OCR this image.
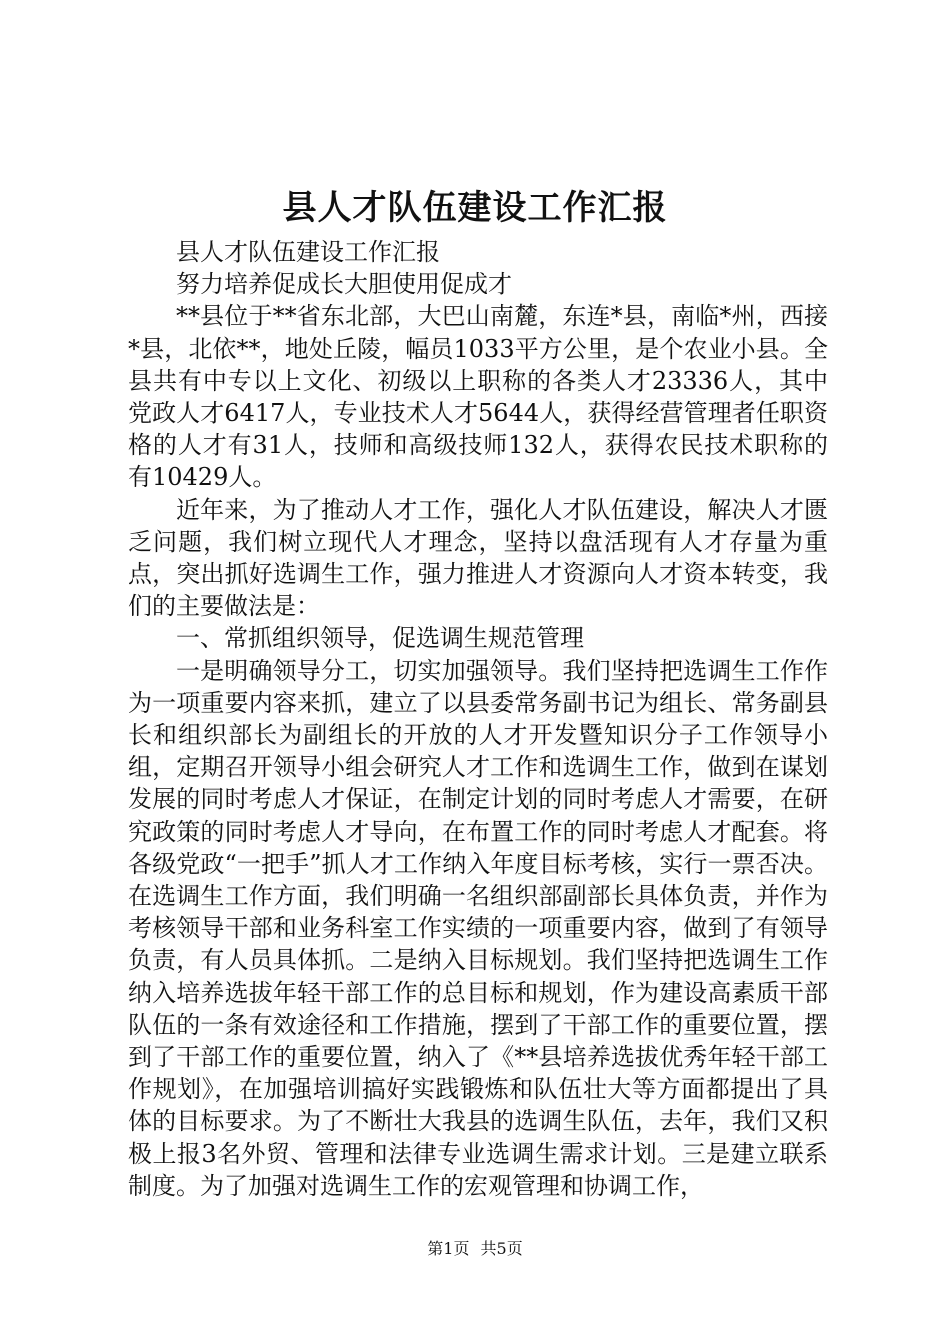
县人才队伍建设工作汇报

县人才队伍建设工作汇报

努力培养促成长大胆使用促成才

**县位于**省东北部，大巴山南麓，东连*县，南临*州，西接*县，北依**，地处丘陵，幅员1033平方公里，是个农业小县。全县共有中专以上文化、初级以上职称的各类人才23336人，其中党政人才6417人，专业技术人才5644人，获得经营管理者任职资格的人才有31人，技师和高级技师132人，获得农民技术职称的有10429人。

近年来，为了推动人才工作，强化人才队伍建设，解决人才匮乏问题，我们树立现代人才理念，坚持以盘活现有人才存量为重点，突出抓好选调生工作，强力推进人才资源向人才资本转变，我们的主要做法是：

一、常抓组织领导，促选调生规范管理

一是明确领导分工，切实加强领导。我们坚持把选调生工作作为一项重要内容来抓，建立了以县委常务副书记为组长、常务副县长和组织部长为副组长的开放的人才开发暨知识分子工作领导小组，定期召开领导小组会研究人才工作和选调生工作，做到在谋划发展的同时考虑人才保证，在制定计划的同时考虑人才需要，在研究政策的同时考虑人才导向，在布置工作的同时考虑人才配套。将各级党政“一把手”抓人才工作纳入年度目标考核，实行一票否决。在选调生工作方面，我们明确一名组织部副部长具体负责，并作为考核领导干部和业务科室工作实绩的一项重要内容，做到了有领导负责，有人员具体抓。二是纳入目标规划。我们坚持把选调生工作纳入培养选拔年轻干部工作的总目标和规划，作为建设高素质干部队伍的一条有效途径和工作措施，摆到了干部工作的重要位置，摆到了干部工作的重要位置，纳入了《**县培养选拔优秀年轻干部工作规划》，在加强培训搞好实践锻炼和队伍壮大等方面都提出了具体的目标要求。为了不断壮大我县的选调生队伍，去年，我们又积极上报3名外贸、管理和法律专业选调生需求计划。三是建立联系制度。为了加强对选调生工作的宏观管理和协调工作，

第1页 共5页
